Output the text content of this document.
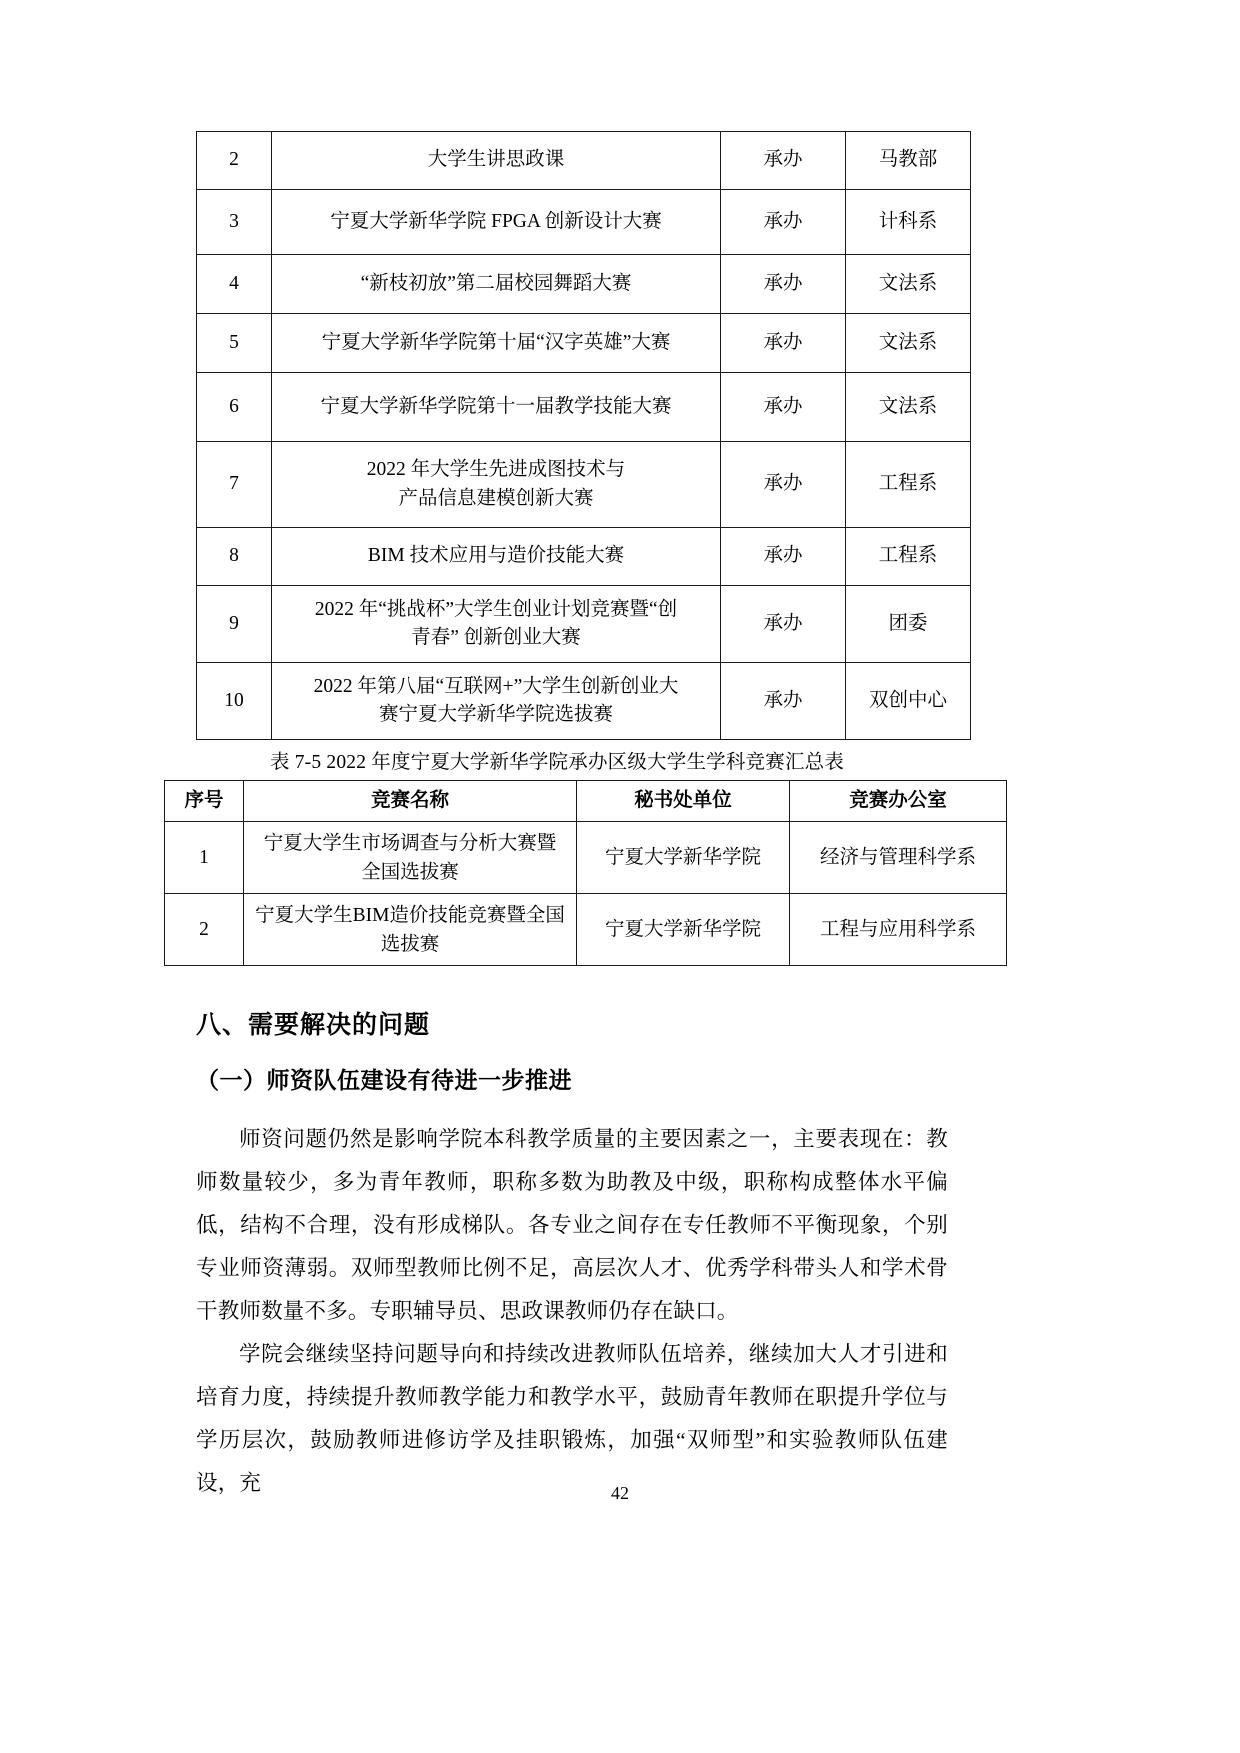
2	大学生讲思政课	承办	马教部
3	宁夏大学新华学院 FPGA 创新设计大赛	承办	计科系
4	“新枝初放”第二届校园舞蹈大赛	承办	文法系
5	宁夏大学新华学院第十届“汉字英雄”大赛	承办	文法系
6	宁夏大学新华学院第十一届教学技能大赛	承办	文法系
7	2022 年大学生先进成图技术与
产品信息建模创新大赛	承办	工程系
8	BIM 技术应用与造价技能大赛	承办	工程系
9	2022 年“挑战杯”大学生创业计划竞赛暨“创
青春” 创新创业大赛	承办	团委
10	2022 年第八届“互联网+”大学生创新创业大
赛宁夏大学新华学院选拔赛	承办	双创中心
表 7-5 2022 年度宁夏大学新华学院承办区级大学生学科竞赛汇总表
序号	竞赛名称	秘书处单位	竞赛办公室
1	宁夏大学生市场调查与分析大赛暨
全国选拔赛	宁夏大学新华学院	经济与管理科学系
2	宁夏大学生BIM造价技能竞赛暨全国
选拔赛	宁夏大学新华学院	工程与应用科学系
八、需要解决的问题
（一）师资队伍建设有待进一步推进

师资问题仍然是影响学院本科教学质量的主要因素之一，主要表现在：教师数量较少，多为青年教师，职称多数为助教及中级，职称构成整体水平偏低，结构不合理，没有形成梯队。各专业之间存在专任教师不平衡现象，个别专业师资薄弱。双师型教师比例不足，高层次人才、优秀学科带头人和学术骨干教师数量不多。专职辅导员、思政课教师仍存在缺口。

学院会继续坚持问题导向和持续改进教师队伍培养，继续加大人才引进和培育力度，持续提升教师教学能力和教学水平，鼓励青年教师在职提升学位与学历层次，鼓励教师进修访学及挂职锻炼，加强“双师型”和实验教师队伍建设，充	42
